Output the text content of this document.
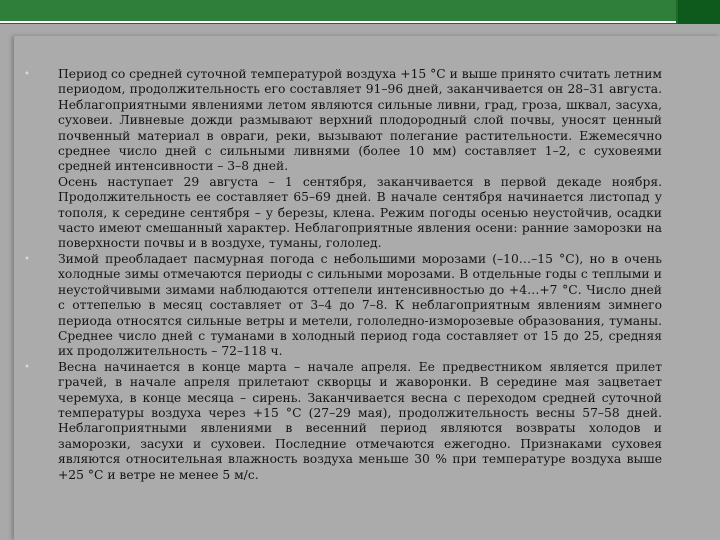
• Период со средней суточной температурой воздуха +15 °С и выше принято считать летним периодом, продолжительность его составляет 91–96 дней, заканчивается он 28–31 августа. Неблагоприятными явлениями летом являются сильные ливни, град, гроза, шквал, засуха, суховеи. Ливневые дожди размывают верхний плодородный слой почвы, уносят ценный почвенный материал в овраги, реки, вызывают полегание растительности. Ежемесячно среднее число дней с сильными ливнями (более 10 мм) составляет 1–2, с суховеями средней интенсивности – 3–8 дней.

Осень наступает 29 августа – 1 сентября, заканчивается в первой декаде ноября. Продолжительность ее составляет 65–69 дней. В начале сентября начинается листопад у тополя, к середине сентября – у березы, клена. Режим погоды осенью неустойчив, осадки часто имеют смешанный характер. Неблагоприятные явления осени: ранние заморозки на поверхности почвы и в воздухе, туманы, гололед.

• Зимой преобладает пасмурная погода с небольшими морозами (–10…–15 °С), но в очень холодные зимы отмечаются периоды с сильными морозами. В отдельные годы с теплыми и неустойчивыми зимами наблюдаются оттепели интенсивностью до +4…+7 °С. Число дней с оттепелью в месяц составляет от 3–4 до 7–8. К неблагоприятным явлениям зимнего периода относятся сильные ветры и метели, гололедно-изморозевые образования, туманы. Среднее число дней с туманами в холодный период года составляет от 15 до 25, средняя их продолжительность – 72–118 ч.

• Весна начинается в конце марта – начале апреля. Ее предвестником является прилет грачей, в начале апреля прилетают скворцы и жаворонки. В середине мая зацветает черемуха, в конце месяца – сирень. Заканчивается весна с переходом средней суточной температуры воздуха через +15 °С (27–29 мая), продолжительность весны 57–58 дней. Неблагоприятными явлениями в весенний период являются возвраты холодов и заморозки, засухи и суховеи. Последние отмечаются ежегодно. Признаками суховея являются относительная влажность воздуха меньше 30 % при температуре воздуха выше +25 °С и ветре не менее 5 м/с.
